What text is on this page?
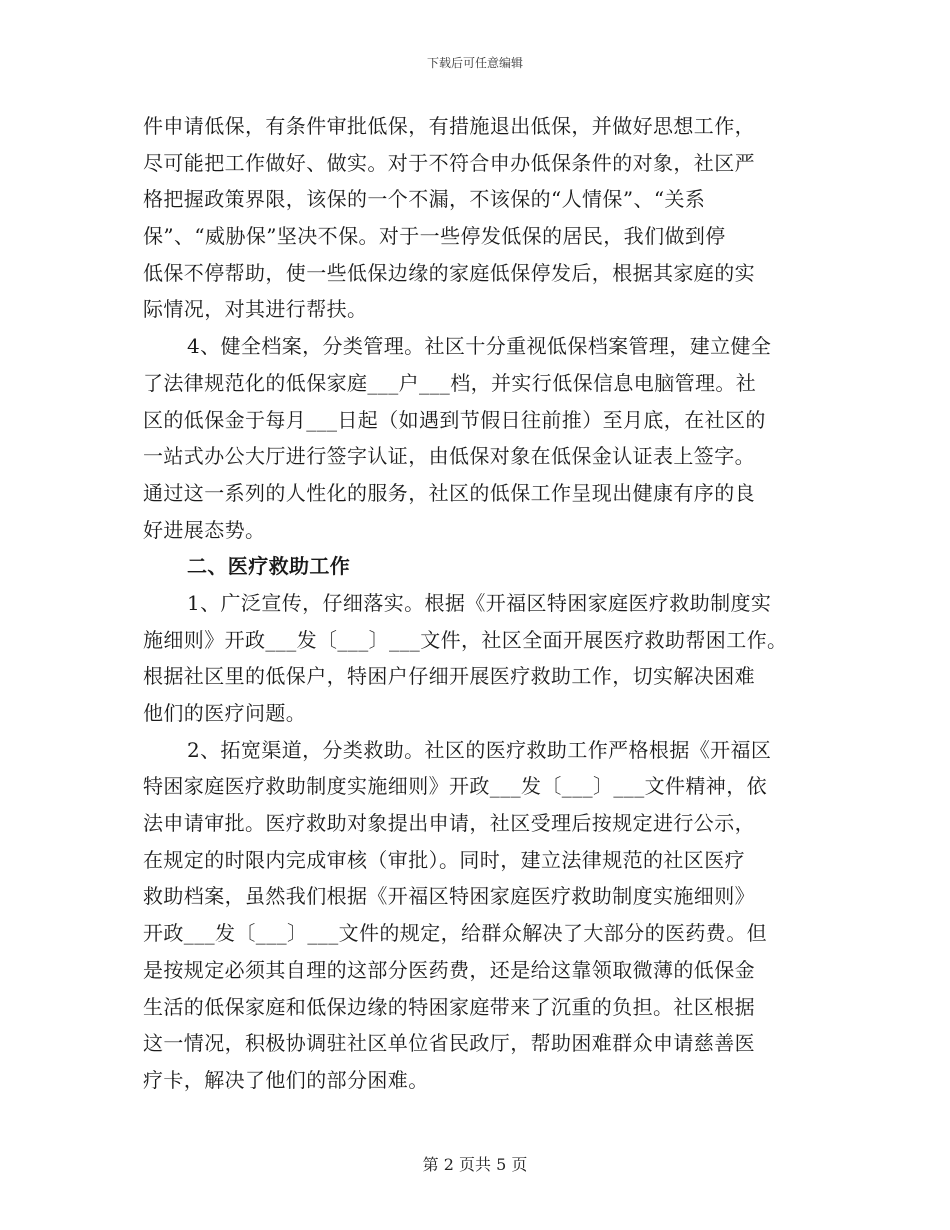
下载后可任意编辑
件申请低保，有条件审批低保，有措施退出低保，并做好思想工作，
尽可能把工作做好、做实。对于不符合申办低保条件的对象，社区严
格把握政策界限，该保的一个不漏，不该保的“人情保”、“关系
保”、“威胁保”坚决不保。对于一些停发低保的居民，我们做到停
低保不停帮助，使一些低保边缘的家庭低保停发后，根据其家庭的实
际情况，对其进行帮扶。
4、健全档案，分类管理。社区十分重视低保档案管理，建立健全
了法律规范化的低保家庭___户___档，并实行低保信息电脑管理。社
区的低保金于每月___日起（如遇到节假日往前推）至月底，在社区的
一站式办公大厅进行签字认证，由低保对象在低保金认证表上签字。
通过这一系列的人性化的服务，社区的低保工作呈现出健康有序的良
好进展态势。
二、医疗救助工作
1、广泛宣传，仔细落实。根据《开福区特困家庭医疗救助制度实
施细则》开政___发〔___〕___文件，社区全面开展医疗救助帮困工作。
根据社区里的低保户，特困户仔细开展医疗救助工作，切实解决困难
他们的医疗问题。
2、拓宽渠道，分类救助。社区的医疗救助工作严格根据《开福区
特困家庭医疗救助制度实施细则》开政___发〔___〕___文件精神，依
法申请审批。医疗救助对象提出申请，社区受理后按规定进行公示，
在规定的时限内完成审核（审批）。同时，建立法律规范的社区医疗
救助档案，虽然我们根据《开福区特困家庭医疗救助制度实施细则》
开政___发〔___〕___文件的规定，给群众解决了大部分的医药费。但
是按规定必须其自理的这部分医药费，还是给这靠领取微薄的低保金
生活的低保家庭和低保边缘的特困家庭带来了沉重的负担。社区根据
这一情况，积极协调驻社区单位省民政厅，帮助困难群众申请慈善医
疗卡，解决了他们的部分困难。
第 2 页共 5 页
